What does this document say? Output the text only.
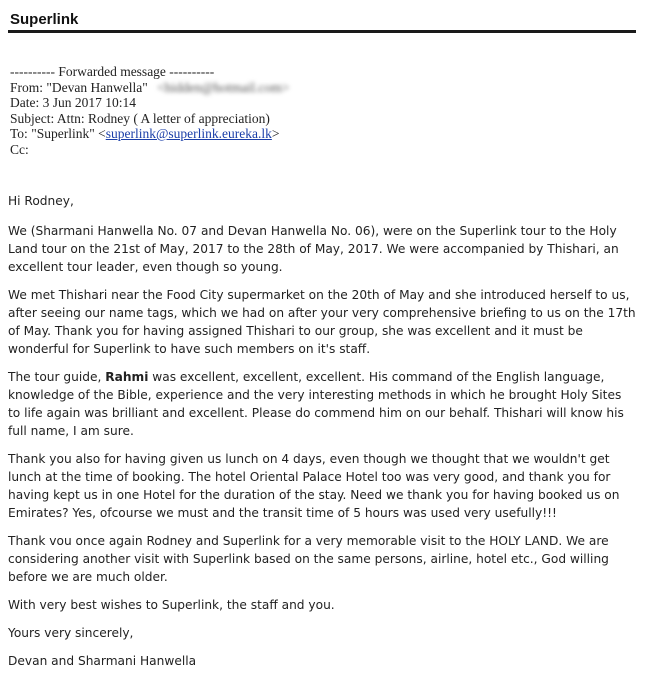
Superlink
---------- Forwarded message ----------
From: "Devan Hanwella" <hidden@hotmail.com>
Date: 3 Jun 2017 10:14
Subject: Attn: Rodney ( A letter of appreciation)
To: "Superlink" <superlink@superlink.eureka.lk>
Cc:

Hi Rodney,

We (Sharmani Hanwella No. 07 and Devan Hanwella No. 06), were on the Superlink tour to the Holy Land tour on the 21st of May, 2017 to the 28th of May, 2017. We were accompanied by Thishari, an excellent tour leader, even though so young.

We met Thishari near the Food City supermarket on the 20th of May and she introduced herself to us, after seeing our name tags, which we had on after your very comprehensive briefing to us on the 17th of May. Thank you for having assigned Thishari to our group, she was excellent and it must be wonderful for Superlink to have such members on it's staff.

The tour guide, Rahmi was excellent, excellent, excellent. His command of the English language, knowledge of the Bible, experience and the very interesting methods in which he brought Holy Sites to life again was brilliant and excellent. Please do commend him on our behalf. Thishari will know his full name, I am sure.

Thank you also for having given us lunch on 4 days, even though we thought that we wouldn't get lunch at the time of booking. The hotel Oriental Palace Hotel too was very good, and thank you for having kept us in one Hotel for the duration of the stay. Need we thank you for having booked us on Emirates? Yes, ofcourse we must and the transit time of 5 hours was used very usefully!!!

Thank vou once again Rodney and Superlink for a very memorable visit to the HOLY LAND. We are considering another visit with Superlink based on the same persons, airline, hotel etc., God willing before we are much older.

With very best wishes to Superlink, the staff and you.

Yours very sincerely,

Devan and Sharmani Hanwella
